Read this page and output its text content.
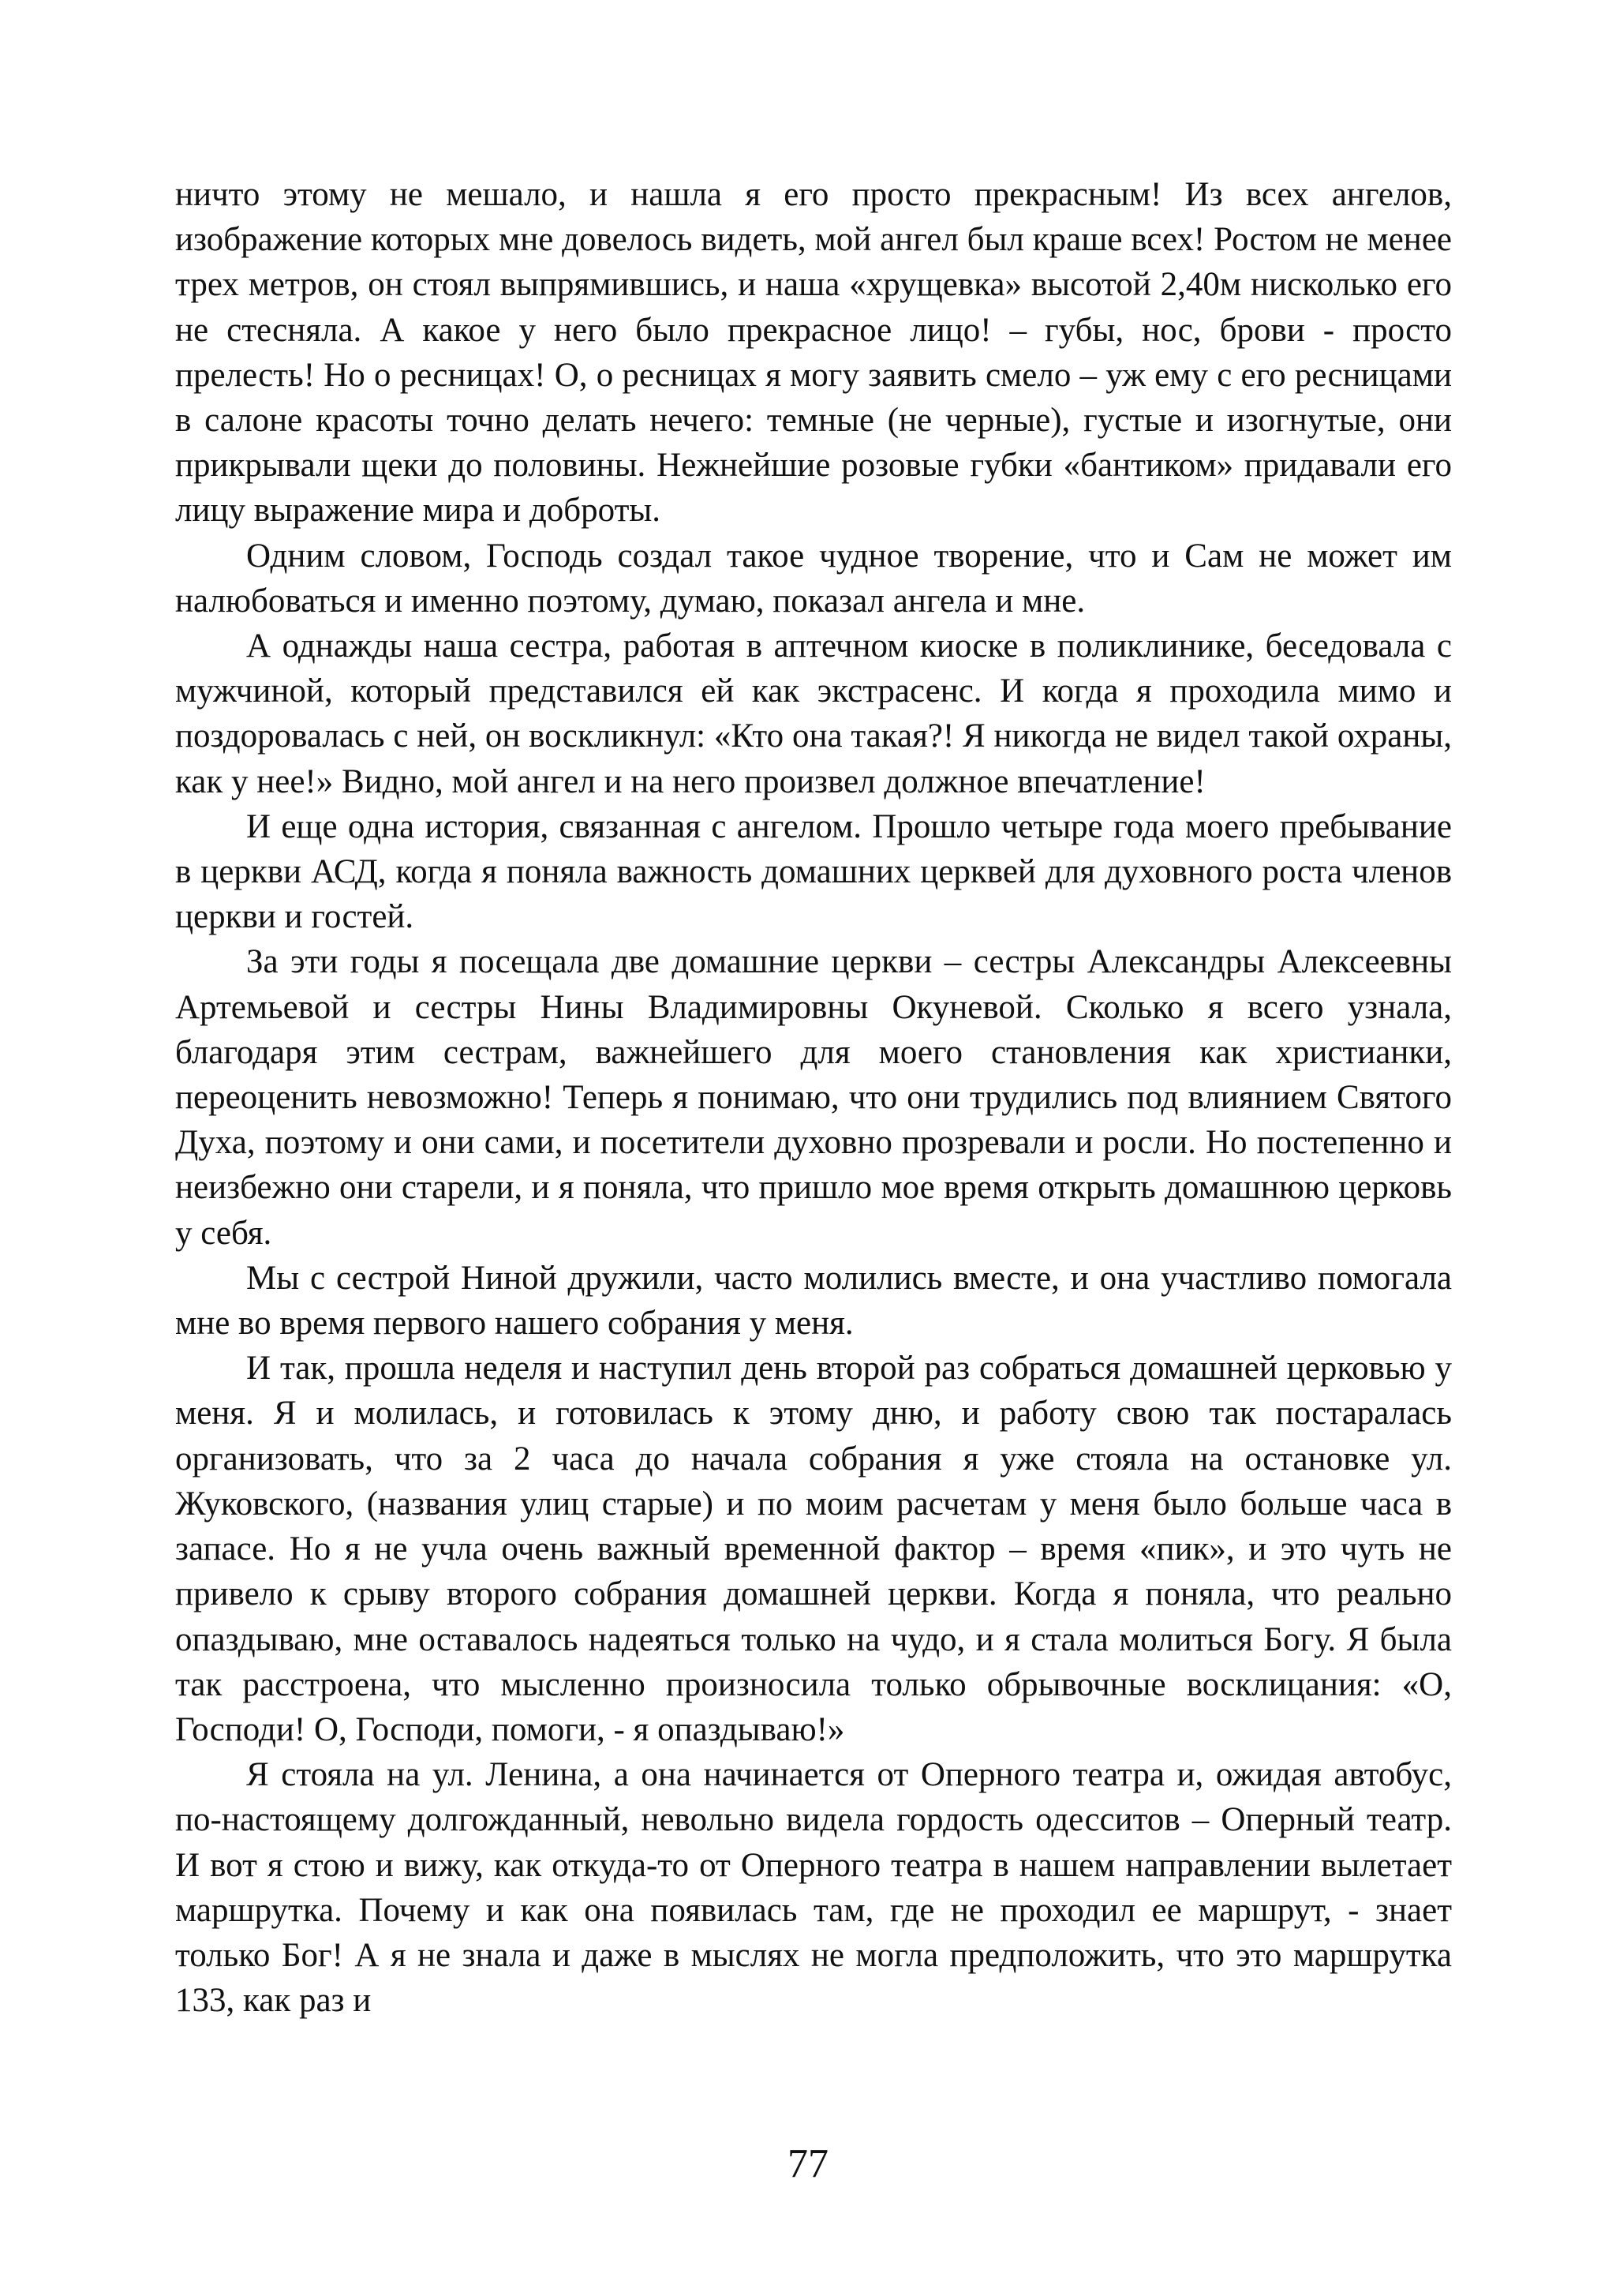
ничто этому не мешало, и нашла я его просто прекрасным! Из всех ангелов, изображение которых мне довелось видеть, мой ангел был краше всех! Ростом не менее трех метров, он стоял выпрямившись, и наша «хрущевка» высотой 2,40м нисколько его не стесняла. А какое у него было прекрасное лицо! – губы, нос, брови - просто прелесть! Но о ресницах! О, о ресницах я могу заявить смело – уж ему с его ресницами в салоне красоты точно делать нечего: темные (не черные), густые и изогнутые, они прикрывали щеки до половины. Нежнейшие розовые губки «бантиком» придавали его лицу выражение мира и доброты.

Одним словом, Господь создал такое чудное творение, что и Сам не может им налюбоваться и именно поэтому, думаю, показал ангела и мне.

А однажды наша сестра, работая в аптечном киоске в поликлинике, беседовала с мужчиной, который представился ей как экстрасенс. И когда я проходила мимо и поздоровалась с ней, он воскликнул: «Кто она такая?! Я никогда не видел такой охраны, как у нее!» Видно, мой ангел и на него произвел должное впечатление!

И еще одна история, связанная с ангелом. Прошло четыре года моего пребывание в церкви АСД, когда я поняла важность домашних церквей для духовного роста членов церкви и гостей.

За эти годы я посещала две домашние церкви – сестры Александры Алексеевны Артемьевой и сестры Нины Владимировны Окуневой. Сколько я всего узнала, благодаря этим сестрам, важнейшего для моего становления как христианки, переоценить невозможно! Теперь я понимаю, что они трудились под влиянием Святого Духа, поэтому и они сами, и посетители духовно прозревали и росли. Но постепенно и неизбежно они старели, и я поняла, что пришло мое время открыть домашнюю церковь у себя.

Мы с сестрой Ниной дружили, часто молились вместе, и она участливо помогала мне во время первого нашего собрания у меня.

И так, прошла неделя и наступил день второй раз собраться домашней церковью у меня. Я и молилась, и готовилась к этому дню, и работу свою так постаралась организовать, что за 2 часа до начала собрания я уже стояла на остановке ул. Жуковского, (названия улиц старые) и по моим расчетам у меня было больше часа в запасе. Но я не учла очень важный временной фактор – время «пик», и это чуть не привело к срыву второго собрания домашней церкви. Когда я поняла, что реально опаздываю, мне оставалось надеяться только на чудо, и я стала молиться Богу. Я была так расстроена, что мысленно произносила только обрывочные восклицания: «О, Господи! О, Господи, помоги, - я опаздываю!»

Я стояла на ул. Ленина, а она начинается от Оперного театра и, ожидая автобус, по-настоящему долгожданный, невольно видела гордость одесситов – Оперный театр. И вот я стою и вижу, как откуда-то от Оперного театра в нашем направлении вылетает маршрутка. Почему и как она появилась там, где не проходил ее маршрут, - знает только Бог! А я не знала и даже в мыслях не могла предположить, что это маршрутка 133, как раз и

77
